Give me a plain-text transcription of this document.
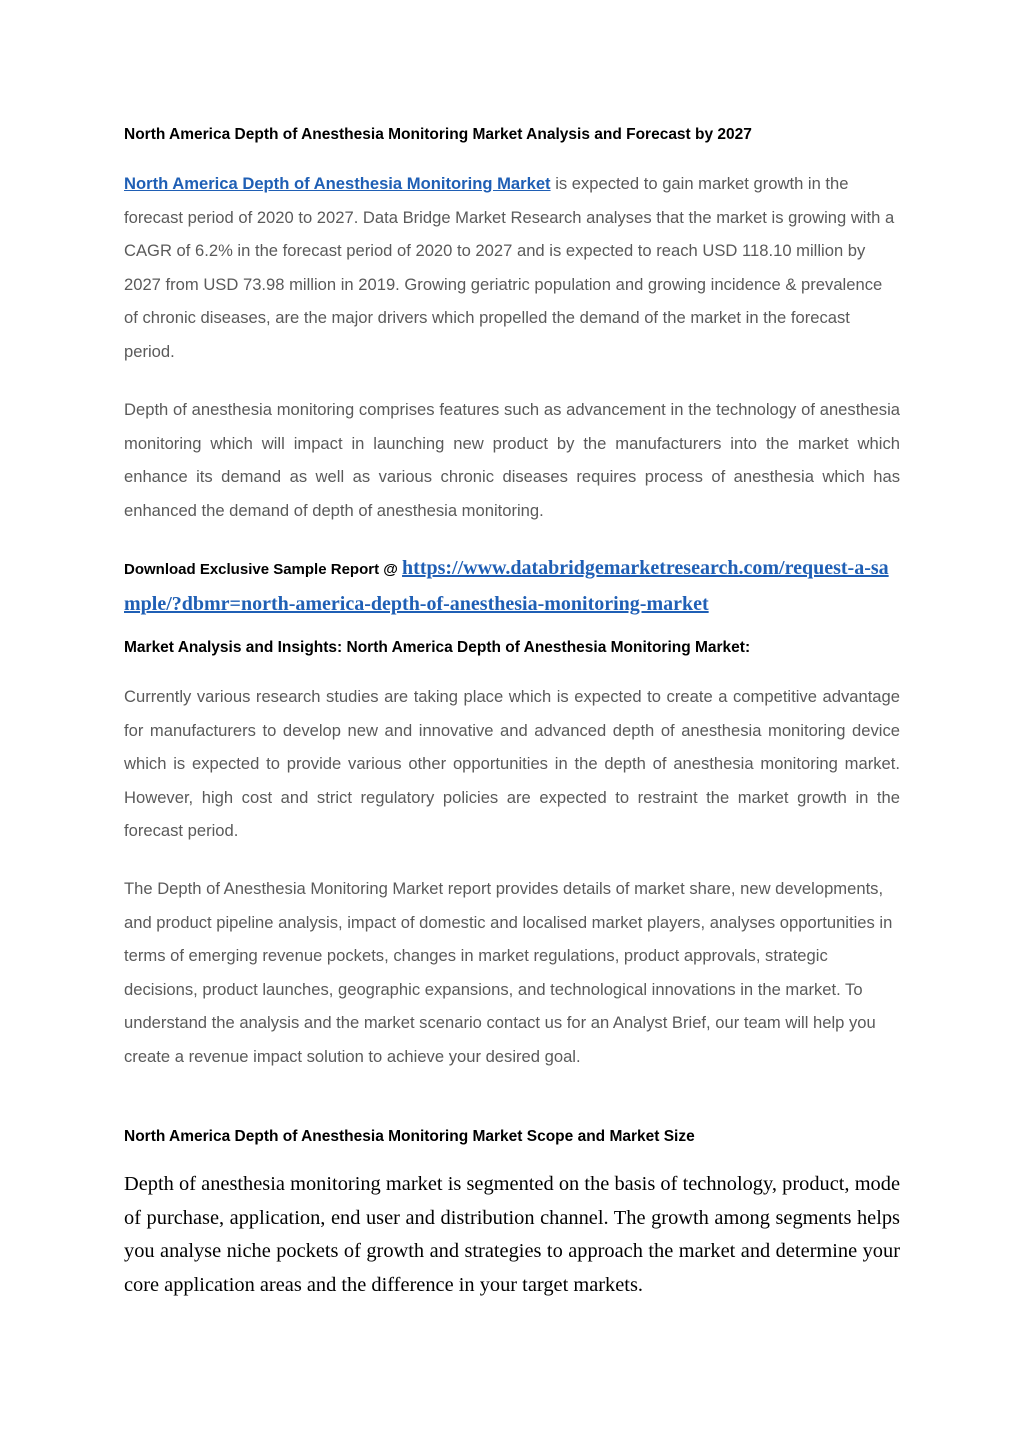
North America Depth of Anesthesia Monitoring Market Analysis and Forecast by 2027

North America Depth of Anesthesia Monitoring Market is expected to gain market growth in the forecast period of 2020 to 2027. Data Bridge Market Research analyses that the market is growing with a CAGR of 6.2% in the forecast period of 2020 to 2027 and is expected to reach USD 118.10 million by 2027 from USD 73.98 million in 2019. Growing geriatric population and growing incidence & prevalence of chronic diseases, are the major drivers which propelled the demand of the market in the forecast period.

Depth of anesthesia monitoring comprises features such as advancement in the technology of anesthesia monitoring which will impact in launching new product by the manufacturers into the market which enhance its demand as well as various chronic diseases requires process of anesthesia which has enhanced the demand of depth of anesthesia monitoring.

Download Exclusive Sample Report @ https://www.databridgemarketresearch.com/request-a-sample/?dbmr=north-america-depth-of-anesthesia-monitoring-market
Market Analysis and Insights: North America Depth of Anesthesia Monitoring Market:

Currently various research studies are taking place which is expected to create a competitive advantage for manufacturers to develop new and innovative and advanced depth of anesthesia monitoring device which is expected to provide various other opportunities in the depth of anesthesia monitoring market. However, high cost and strict regulatory policies are expected to restraint the market growth in the forecast period.

The Depth of Anesthesia Monitoring Market report provides details of market share, new developments, and product pipeline analysis, impact of domestic and localised market players, analyses opportunities in terms of emerging revenue pockets, changes in market regulations, product approvals, strategic decisions, product launches, geographic expansions, and technological innovations in the market. To understand the analysis and the market scenario contact us for an Analyst Brief, our team will help you create a revenue impact solution to achieve your desired goal.

North America Depth of Anesthesia Monitoring Market Scope and Market Size

Depth of anesthesia monitoring market is segmented on the basis of technology, product, mode of purchase, application, end user and distribution channel. The growth among segments helps you analyse niche pockets of growth and strategies to approach the market and determine your core application areas and the difference in your target markets.
